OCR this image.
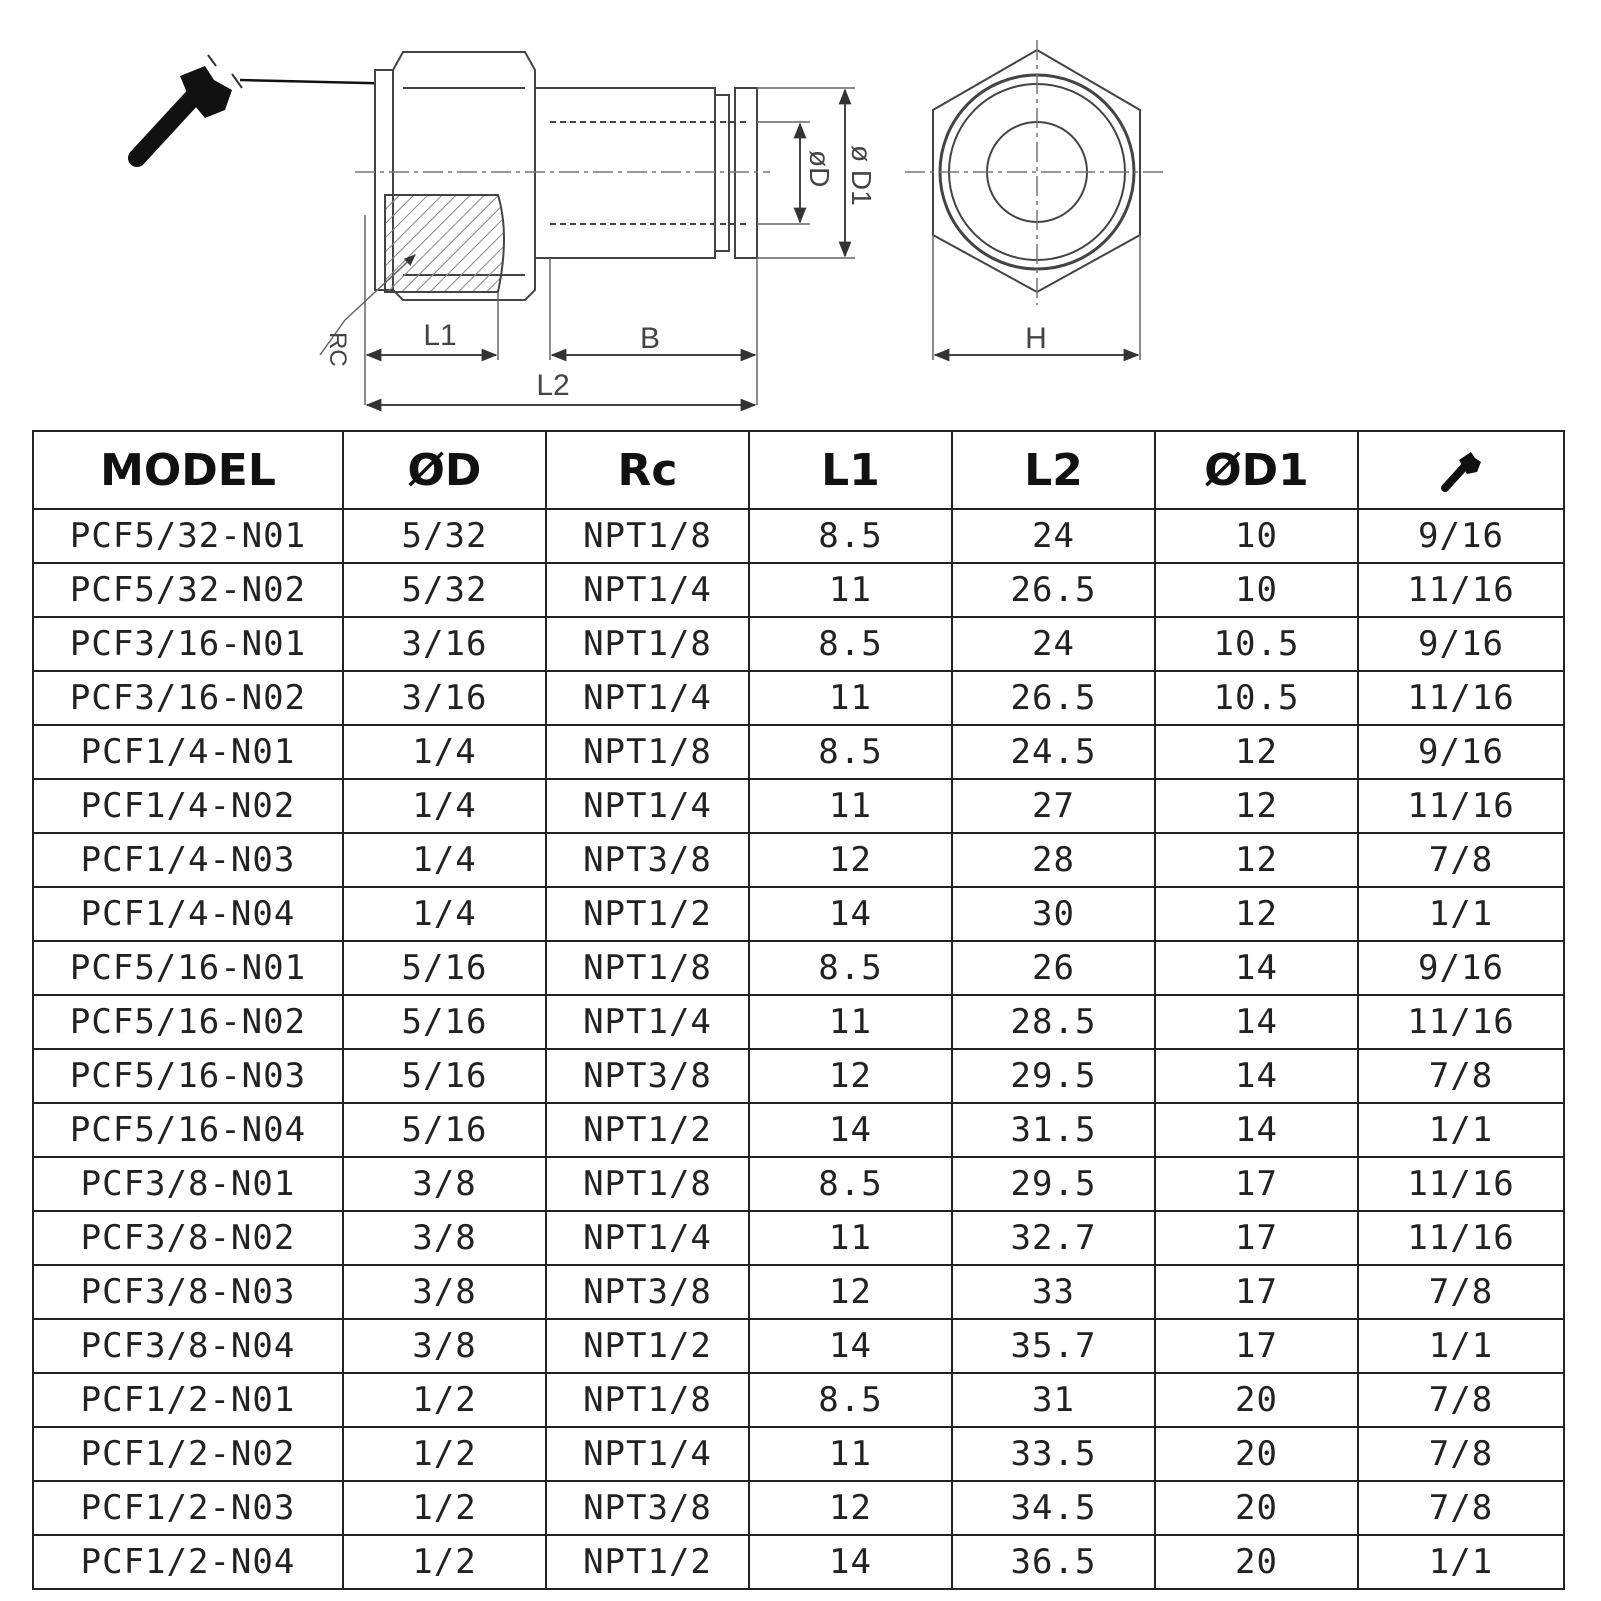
RC L1	B
L2
H
øD ø D1
MODEL	ØD	Rc	L1	L2	ØD1	

PCF5/32-N01	5/32	NPT1/8	8.5	24	10	9/16
PCF5/32-N02	5/32	NPT1/4	11	26.5	10	11/16
PCF3/16-N01	3/16	NPT1/8	8.5	24	10.5	9/16
PCF3/16-N02	3/16	NPT1/4	11	26.5	10.5	11/16
PCF1/4-N01	1/4	NPT1/8	8.5	24.5	12	9/16
PCF1/4-N02	1/4	NPT1/4	11	27	12	11/16
PCF1/4-N03	1/4	NPT3/8	12	28	12	7/8
PCF1/4-N04	1/4	NPT1/2	14	30	12	1/1
PCF5/16-N01	5/16	NPT1/8	8.5	26	14	9/16
PCF5/16-N02	5/16	NPT1/4	11	28.5	14	11/16
PCF5/16-N03	5/16	NPT3/8	12	29.5	14	7/8
PCF5/16-N04	5/16	NPT1/2	14	31.5	14	1/1
PCF3/8-N01	3/8	NPT1/8	8.5	29.5	17	11/16
PCF3/8-N02	3/8	NPT1/4	11	32.7	17	11/16
PCF3/8-N03	3/8	NPT3/8	12	33	17	7/8
PCF3/8-N04	3/8	NPT1/2	14	35.7	17	1/1
PCF1/2-N01	1/2	NPT1/8	8.5	31	20	7/8
PCF1/2-N02	1/2	NPT1/4	11	33.5	20	7/8
PCF1/2-N03	1/2	NPT3/8	12	34.5	20	7/8
PCF1/2-N04	1/2	NPT1/2	14	36.5	20	1/1
